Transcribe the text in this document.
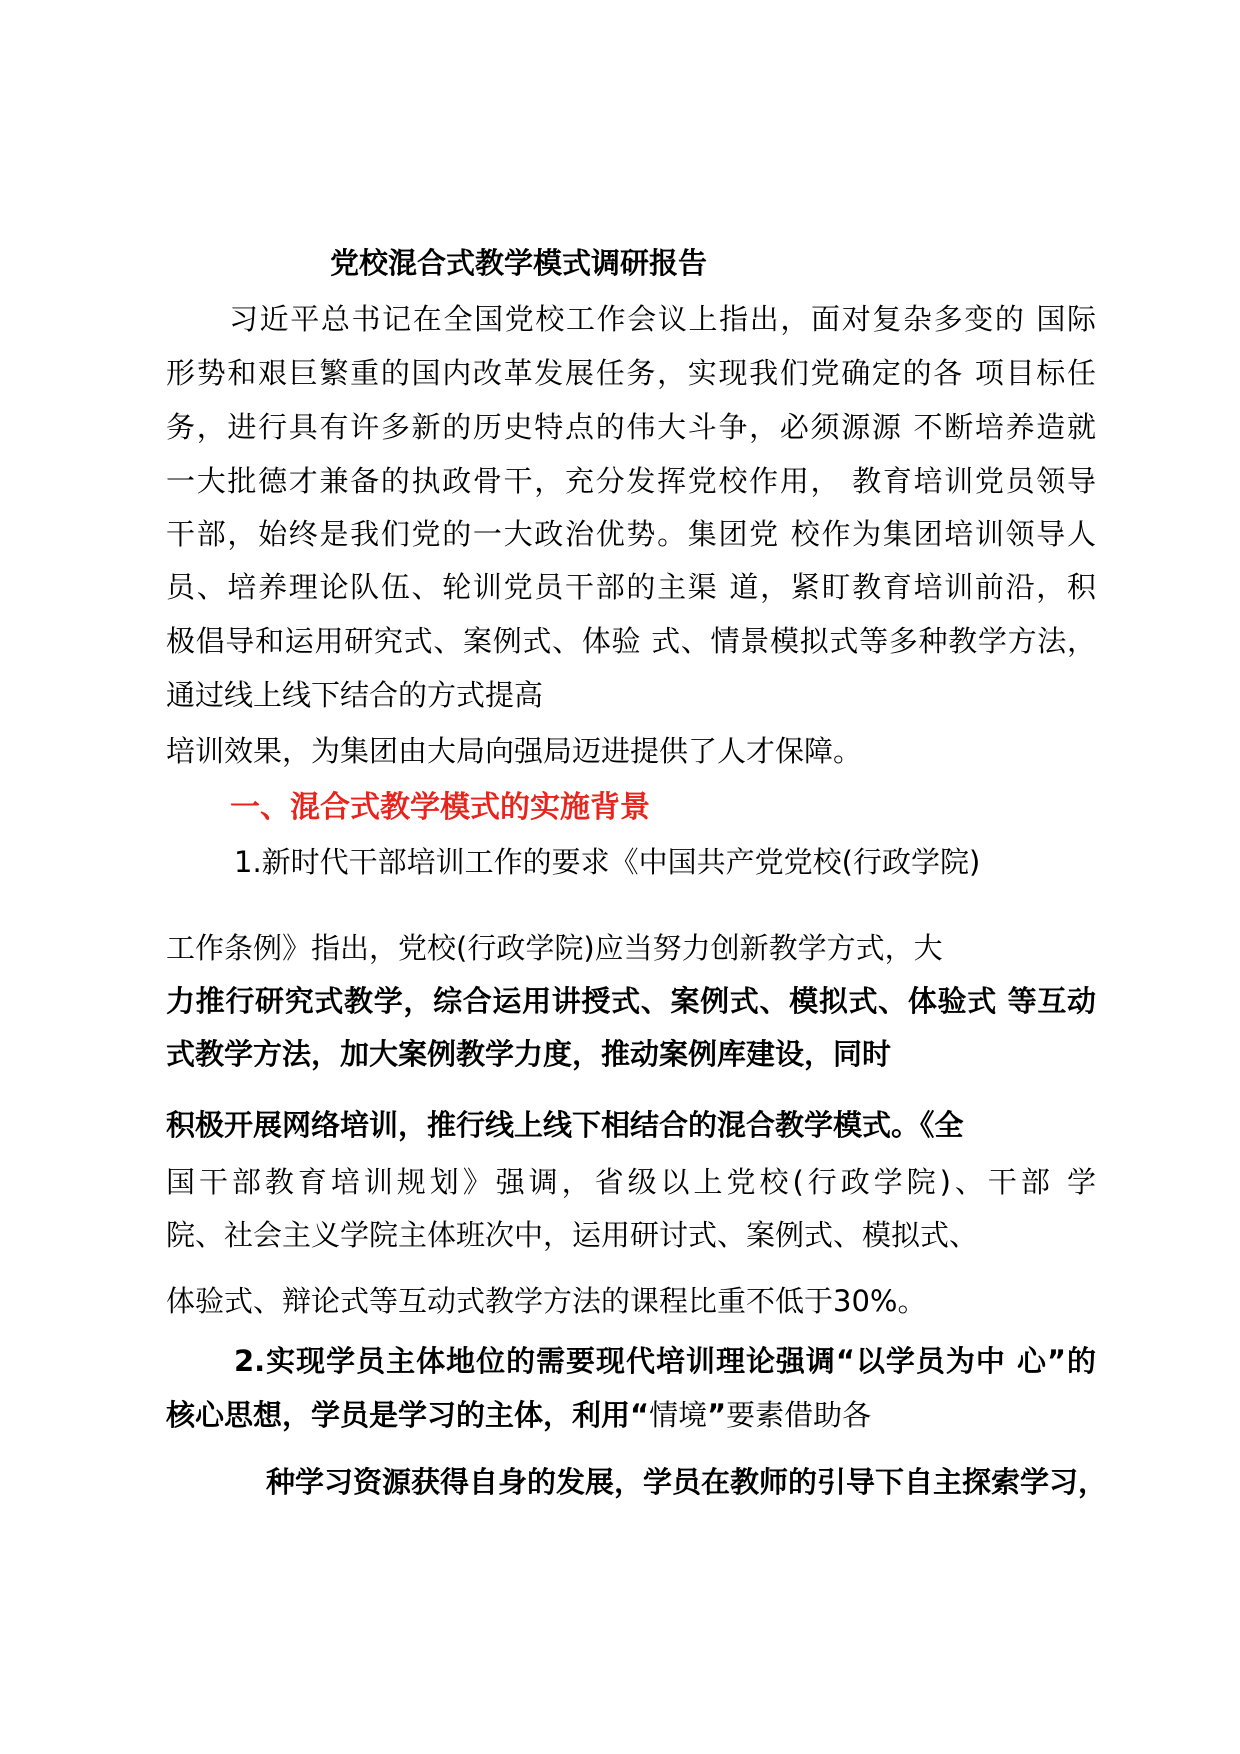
党校混合式教学模式调研报告

习近平总书记在全国党校工作会议上指出，面对复杂多变的 国际

形势和艰巨繁重的国内改革发展任务，实现我们党确定的各 项目标任

务，进行具有许多新的历史特点的伟大斗争，必须源源 不断培养造就

一大批德才兼备的执政骨干，充分发挥党校作用， 教育培训党员领导

干部，始终是我们党的一大政治优势。集团党 校作为集团培训领导人

员、培养理论队伍、轮训党员干部的主渠 道，紧盯教育培训前沿，积

极倡导和运用研究式、案例式、体验 式、情景模拟式等多种教学方法，

通过线上线下结合的方式提高

培训效果，为集团由大局向强局迈进提供了人才保障。

一、混合式教学模式的实施背景

1.新时代干部培训工作的要求《中国共产党党校(行政学院)

工作条例》指出，党校(行政学院)应当努力创新教学方式，大

力推行研究式教学，综合运用讲授式、案例式、模拟式、体验式 等互动

式教学方法，加大案例教学力度，推动案例库建设，同时

积极开展网络培训，推行线上线下相结合的混合教学模式。《全

国干部教育培训规划》强调，省级以上党校(行政学院)、干部 学

院、社会主义学院主体班次中，运用研讨式、案例式、模拟式、

体验式、辩论式等互动式教学方法的课程比重不低于30%。

2.实现学员主体地位的需要现代培训理论强调“以学员为中 心”的

核心思想，学员是学习的主体，利用“情境”要素借助各

种学习资源获得自身的发展，学员在教师的引导下自主探索学习，
